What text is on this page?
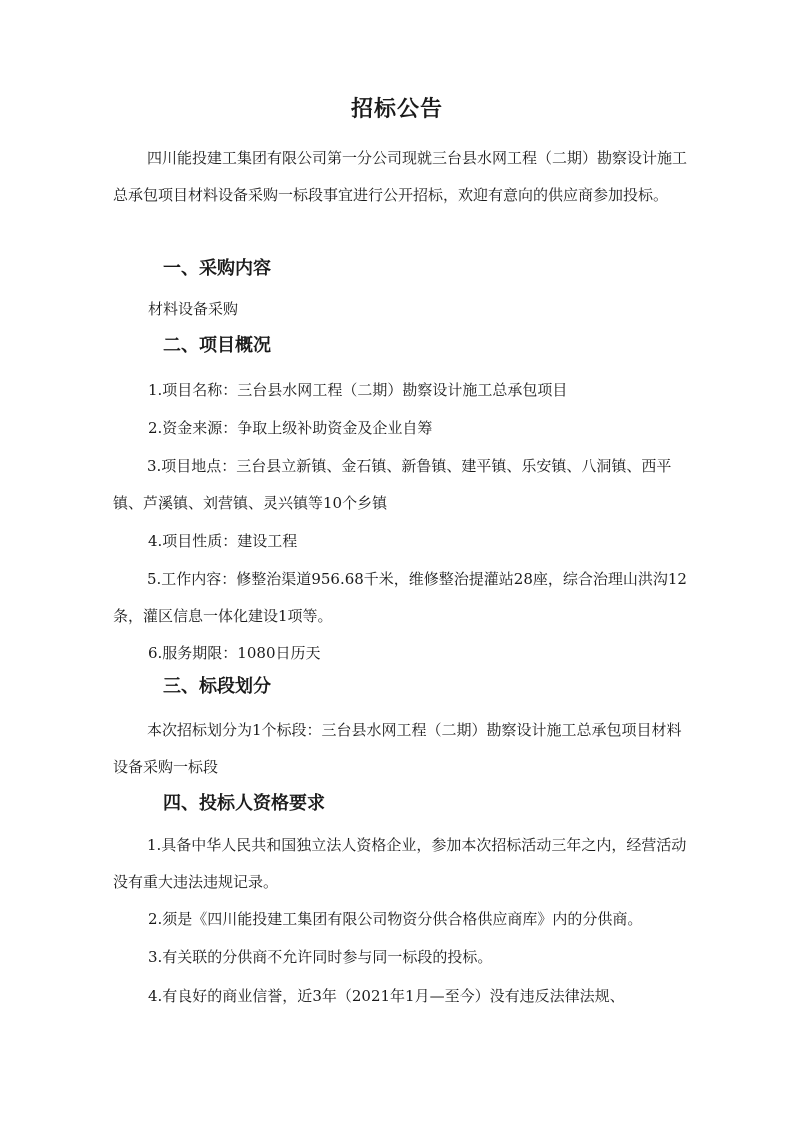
招标公告
四川能投建工集团有限公司第一分公司现就三台县水网工程（二期）勘察设计施工总承包项目材料设备采购一标段事宜进行公开招标，欢迎有意向的供应商参加投标。
一、采购内容
材料设备采购
二、项目概况
1.项目名称：三台县水网工程（二期）勘察设计施工总承包项目
2.资金来源：争取上级补助资金及企业自筹
3.项目地点：三台县立新镇、金石镇、新鲁镇、建平镇、乐安镇、八洞镇、西平镇、芦溪镇、刘营镇、灵兴镇等10个乡镇
4.项目性质：建设工程
5.工作内容：修整治渠道956.68千米，维修整治提灌站28座，综合治理山洪沟12条，灌区信息一体化建设1项等。
6.服务期限：1080日历天
三、标段划分
本次招标划分为1个标段：三台县水网工程（二期）勘察设计施工总承包项目材料设备采购一标段
四、投标人资格要求
1.具备中华人民共和国独立法人资格企业，参加本次招标活动三年之内，经营活动没有重大违法违规记录。
2.须是《四川能投建工集团有限公司物资分供合格供应商库》内的分供商。
3.有关联的分供商不允许同时参与同一标段的投标。
4.有良好的商业信誉，近3年（2021年1月—至今）没有违反法律法规、
